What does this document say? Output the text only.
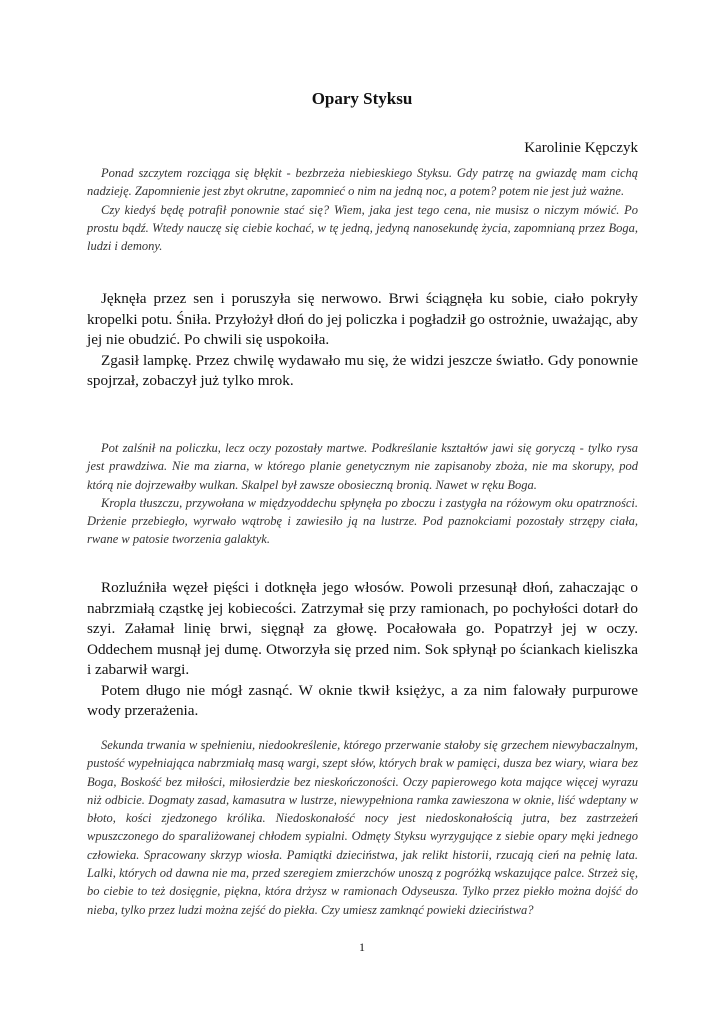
Opary Styksu
Karolinie Kępczyk

Ponad szczytem rozciąga się błękit - bezbrzeża niebieskiego Styksu. Gdy patrzę na gwiazdę mam cichą nadzieję. Zapomnienie jest zbyt okrutne, zapomnieć o nim na jedną noc, a potem? potem nie jest już ważne.

Czy kiedyś będę potrafił ponownie stać się? Wiem, jaka jest tego cena, nie musisz o niczym mówić. Po prostu bądź. Wtedy nauczę się ciebie kochać, w tę jedną, jedyną nanosekundę życia, zapomnianą przez Boga, ludzi i demony.

Jęknęła przez sen i poruszyła się nerwowo. Brwi ściągnęła ku sobie, ciało pokryły kropelki potu. Śniła. Przyłożył dłoń do jej policzka i pogładził go ostrożnie, uważając, aby jej nie obudzić. Po chwili się uspokoiła.

Zgasił lampkę. Przez chwilę wydawało mu się, że widzi jeszcze światło. Gdy ponownie spojrzał, zobaczył już tylko mrok.

Pot zalśnił na policzku, lecz oczy pozostały martwe. Podkreślanie kształtów jawi się goryczą - tylko rysa jest prawdziwa. Nie ma ziarna, w którego planie genetycznym nie zapisanoby zboża, nie ma skorupy, pod którą nie dojrzewałby wulkan. Skalpel był zawsze obosieczną bronią. Nawet w ręku Boga.

Kropla tłuszczu, przywołana w międzyoddechu spłynęła po zboczu i zastygła na różowym oku opatrzności. Drżenie przebiegło, wyrwało wątrobę i zawiesiło ją na lustrze. Pod paznokciami pozostały strzępy ciała, rwane w patosie tworzenia galaktyk.

Rozluźniła węzeł pięści i dotknęła jego włosów. Powoli przesunął dłoń, zahaczając o nabrzmiałą cząstkę jej kobiecości. Zatrzymał się przy ramionach, po pochyłości dotarł do szyi. Załamał linię brwi, sięgnął za głowę. Pocałowała go. Popatrzył jej w oczy. Oddechem musnął jej dumę. Otworzyła się przed nim. Sok spłynął po ściankach kieliszka i zabarwił wargi.

Potem długo nie mógł zasnąć. W oknie tkwił księżyc, a za nim falowały purpurowe wody przerażenia.

Sekunda trwania w spełnieniu, niedookreślenie, którego przerwanie stałoby się grzechem niewybaczalnym, pustość wypełniająca nabrzmiałą masą wargi, szept słów, których brak w pamięci, dusza bez wiary, wiara bez Boga, Boskość bez miłości, miłosierdzie bez nieskończoności. Oczy papierowego kota mające więcej wyrazu niż odbicie. Dogmaty zasad, kamasutra w lustrze, niewypełniona ramka zawieszona w oknie, liść wdeptany w błoto, kości zjedzonego królika. Niedoskonałość nocy jest niedoskonałością jutra, bez zastrzeżeń wpuszczonego do sparaliżowanej chłodem sypialni. Odmęty Styksu wyrzygujące z siebie opary męki jednego człowieka. Spracowany skrzyp wiosła. Pamiątki dzieciństwa, jak relikt historii, rzucają cień na pełnię lata. Lalki, których od dawna nie ma, przed szeregiem zmierzchów unoszą z pogróżką wskazujące palce. Strzeż się, bo ciebie to też dosięgnie, piękna, która drżysz w ramionach Odyseusza. Tylko przez piekło można dojść do nieba, tylko przez ludzi można zejść do piekła. Czy umiesz zamknąć powieki dzieciństwa?

1
